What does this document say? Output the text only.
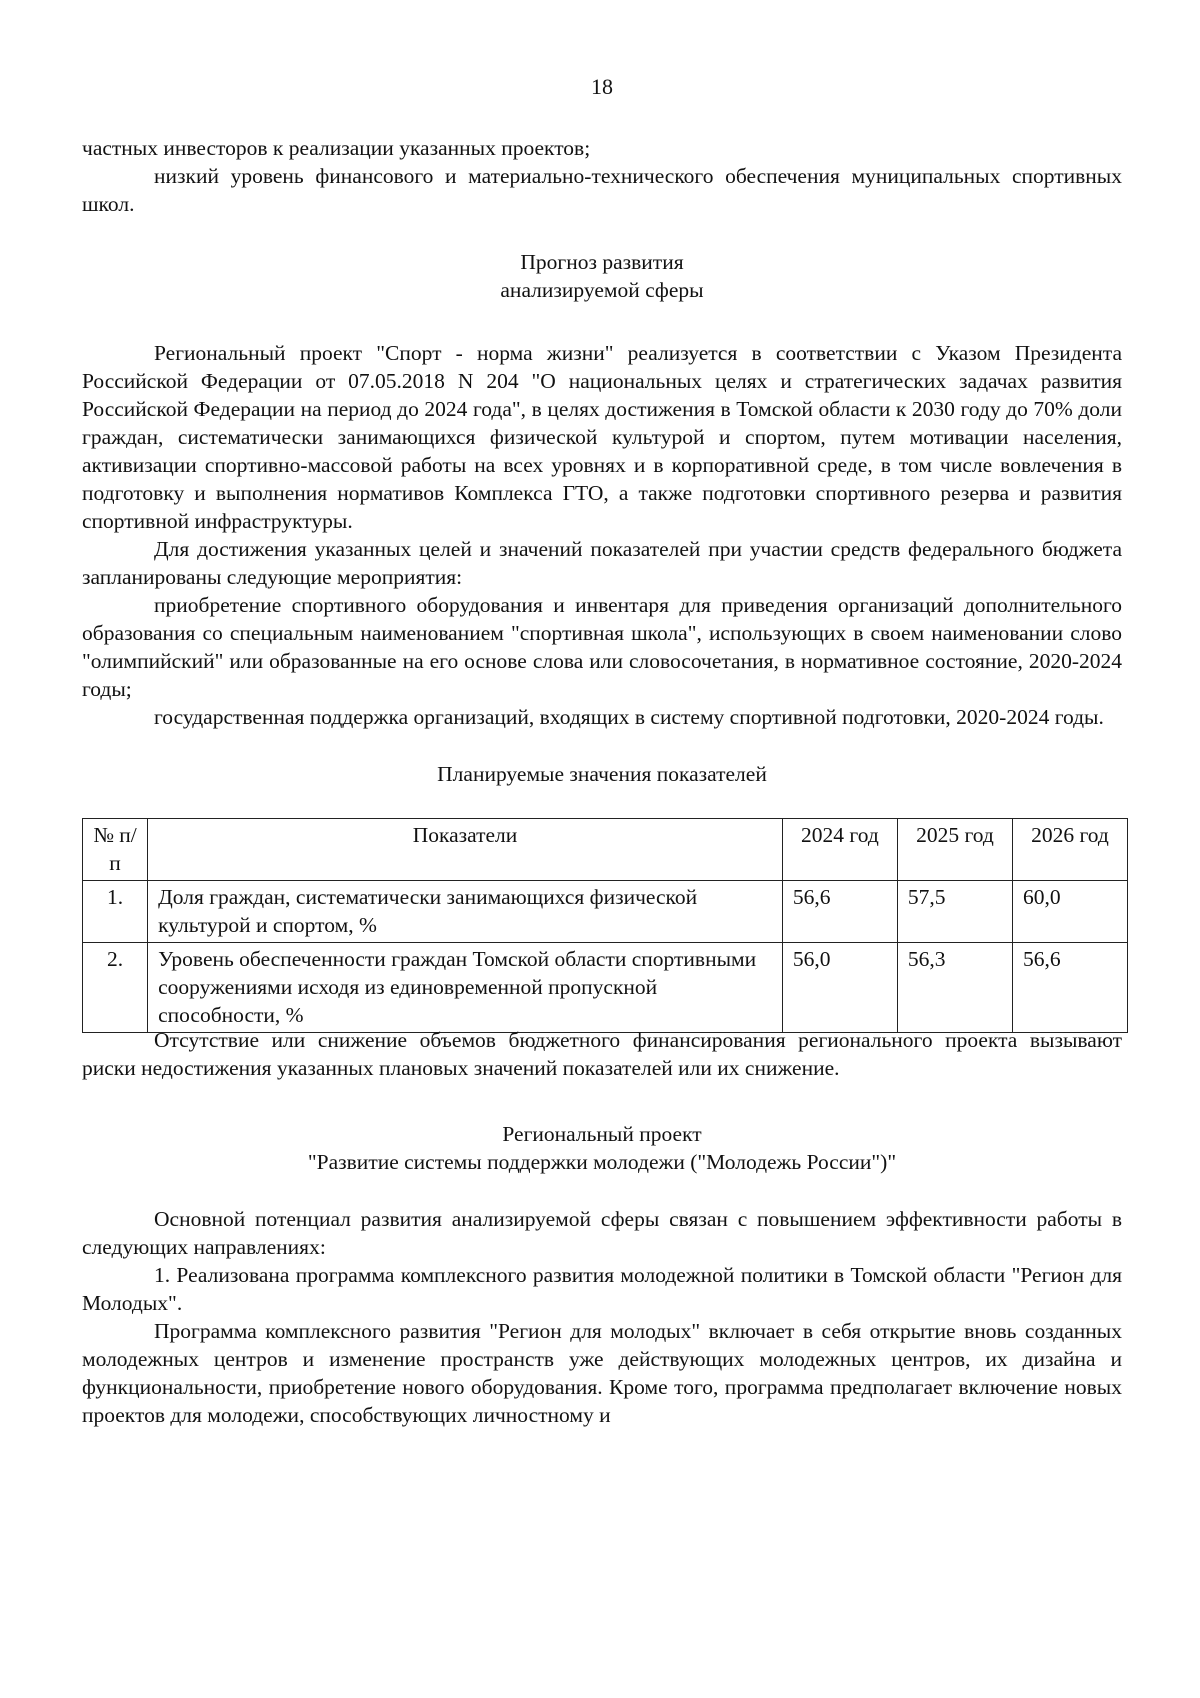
18

частных инвесторов к реализации указанных проектов;

низкий уровень финансового и материально-технического обеспечения муниципальных спортивных школ.

Прогноз развития
анализируемой сферы

Региональный проект "Спорт - норма жизни" реализуется в соответствии с Указом Президента Российской Федерации от 07.05.2018 N 204 "О национальных целях и стратегических задачах развития Российской Федерации на период до 2024 года", в целях достижения в Томской области к 2030 году до 70% доли граждан, систематически занимающихся физической культурой и спортом, путем мотивации населения, активизации спортивно-массовой работы на всех уровнях и в корпоративной среде, в том числе вовлечения в подготовку и выполнения нормативов Комплекса ГТО, а также подготовки спортивного резерва и развития спортивной инфраструктуры.

Для достижения указанных целей и значений показателей при участии средств федерального бюджета запланированы следующие мероприятия:

приобретение спортивного оборудования и инвентаря для приведения организаций дополнительного образования со специальным наименованием "спортивная школа", использующих в своем наименовании слово "олимпийский" или образованные на его основе слова или словосочетания, в нормативное состояние, 2020-2024 годы;

государственная поддержка организаций, входящих в систему спортивной подготовки, 2020-2024 годы.

Планируемые значения показателей
№ п/п	Показатели	2024 год	2025 год	2026 год
1.	Доля граждан, систематически занимающихся физической культурой и спортом, %	56,6	57,5	60,0
2.	Уровень обеспеченности граждан Томской области спортивными сооружениями исходя из единовременной пропускной способности, %	56,0	56,3	56,6

Отсутствие или снижение объемов бюджетного финансирования регионального проекта вызывают риски недостижения указанных плановых значений показателей или их снижение.

Региональный проект
"Развитие системы поддержки молодежи ("Молодежь России")"

Основной потенциал развития анализируемой сферы связан с повышением эффективности работы в следующих направлениях:

1. Реализована программа комплексного развития молодежной политики в Томской области "Регион для Молодых".

Программа комплексного развития "Регион для молодых" включает в себя открытие вновь созданных молодежных центров и изменение пространств уже действующих молодежных центров, их дизайна и функциональности, приобретение нового оборудования. Кроме того, программа предполагает включение новых проектов для молодежи, способствующих личностному и
